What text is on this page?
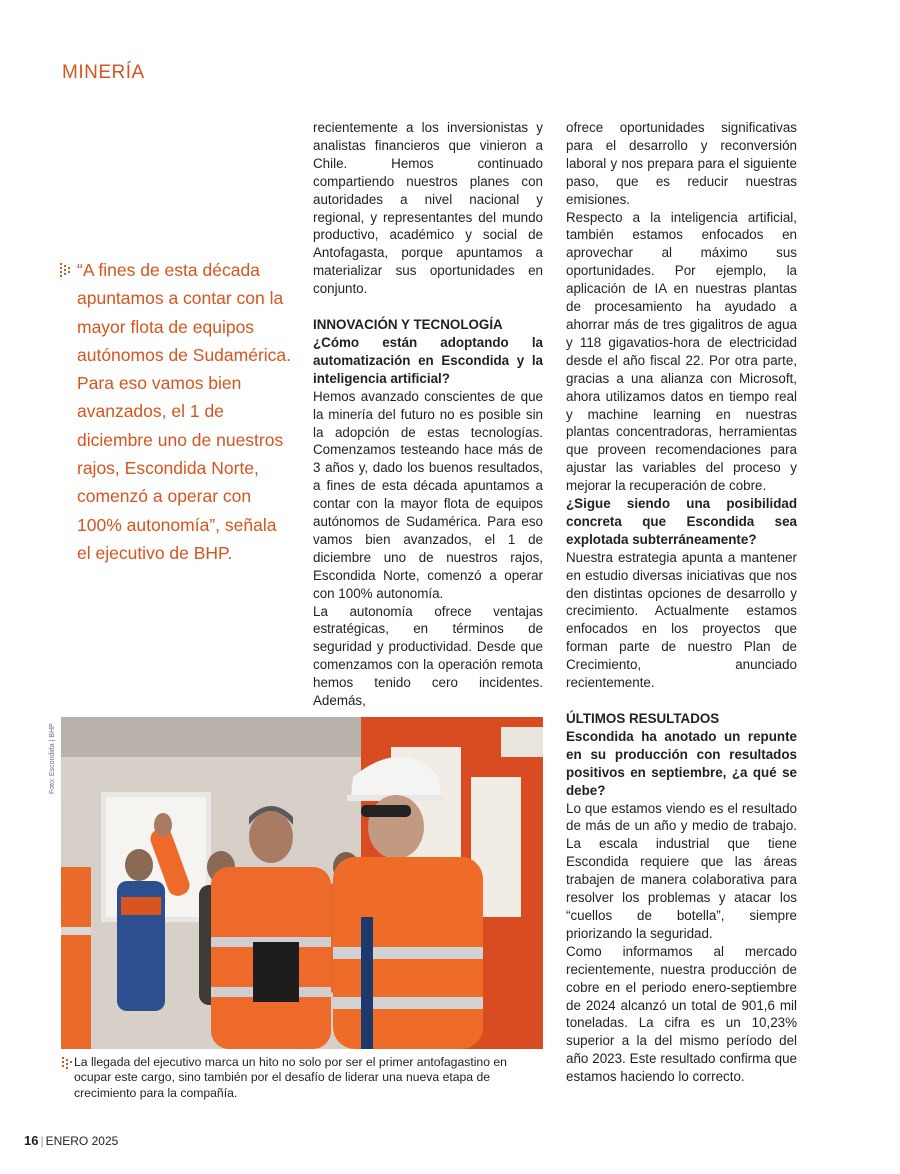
MINERÍA

“A fines de esta década apuntamos a contar con la mayor flota de equipos autónomos de Sudamérica. Para eso vamos bien avanzados, el 1 de diciembre uno de nuestros rajos, Escondida Norte, comenzó a operar con 100% autonomía”, señala el ejecutivo de BHP.

recientemente a los inversionistas y analistas financieros que vinieron a Chile. Hemos continuado compartiendo nuestros planes con autoridades a nivel nacional y regional, y representantes del mundo productivo, académico y social de Antofagasta, porque apuntamos a materializar sus oportunidades en conjunto.

INNOVACIÓN Y TECNOLOGÍA

¿Cómo están adoptando la automatización en Escondida y la inteligencia artificial?

Hemos avanzado conscientes de que la minería del futuro no es posible sin la adopción de estas tecnologías. Comenzamos testeando hace más de 3 años y, dado los buenos resultados, a fines de esta década apuntamos a contar con la mayor flota de equipos autónomos de Sudamérica. Para eso vamos bien avanzados, el 1 de diciembre uno de nuestros rajos, Escondida Norte, comenzó a operar con 100% autonomía.

La autonomía ofrece ventajas estratégicas, en términos de seguridad y productividad. Desde que comenzamos con la operación remota hemos tenido cero incidentes. Además,

ofrece oportunidades significativas para el desarrollo y reconversión laboral y nos prepara para el siguiente paso, que es reducir nuestras emisiones.

Respecto a la inteligencia artificial, también estamos enfocados en aprovechar al máximo sus oportunidades. Por ejemplo, la aplicación de IA en nuestras plantas de procesamiento ha ayudado a ahorrar más de tres gigalitros de agua y 118 gigavatios-hora de electricidad desde el año fiscal 22. Por otra parte, gracias a una alianza con Microsoft, ahora utilizamos datos en tiempo real y machine learning en nuestras plantas concentradoras, herramientas que proveen recomendaciones para ajustar las variables del proceso y mejorar la recuperación de cobre.

¿Sigue siendo una posibilidad concreta que Escondida sea explotada subterráneamente?

Nuestra estrategia apunta a mantener en estudio diversas iniciativas que nos den distintas opciones de desarrollo y crecimiento. Actualmente estamos enfocados en los proyectos que forman parte de nuestro Plan de Crecimiento, anunciado recientemente.

ÚLTIMOS RESULTADOS

Escondida ha anotado un repunte en su producción con resultados positivos en septiembre, ¿a qué se debe?

Lo que estamos viendo es el resultado de más de un año y medio de trabajo. La escala industrial que tiene Escondida requiere que las áreas trabajen de manera colaborativa para resolver los problemas y atacar los “cuellos de botella”, siempre priorizando la seguridad.

Como informamos al mercado recientemente, nuestra producción de cobre en el periodo enero-septiembre de 2024 alcanzó un total de 901,6 mil toneladas. La cifra es un 10,23% superior a la del mismo período del año 2023. Este resultado confirma que estamos haciendo lo correcto.

Foto: Escondida | BHP

La llegada del ejecutivo marca un hito no solo por ser el primer antofagastino en ocupar este cargo, sino también por el desafío de liderar una nueva etapa de crecimiento para la compañía.

16 | ENERO 2025
